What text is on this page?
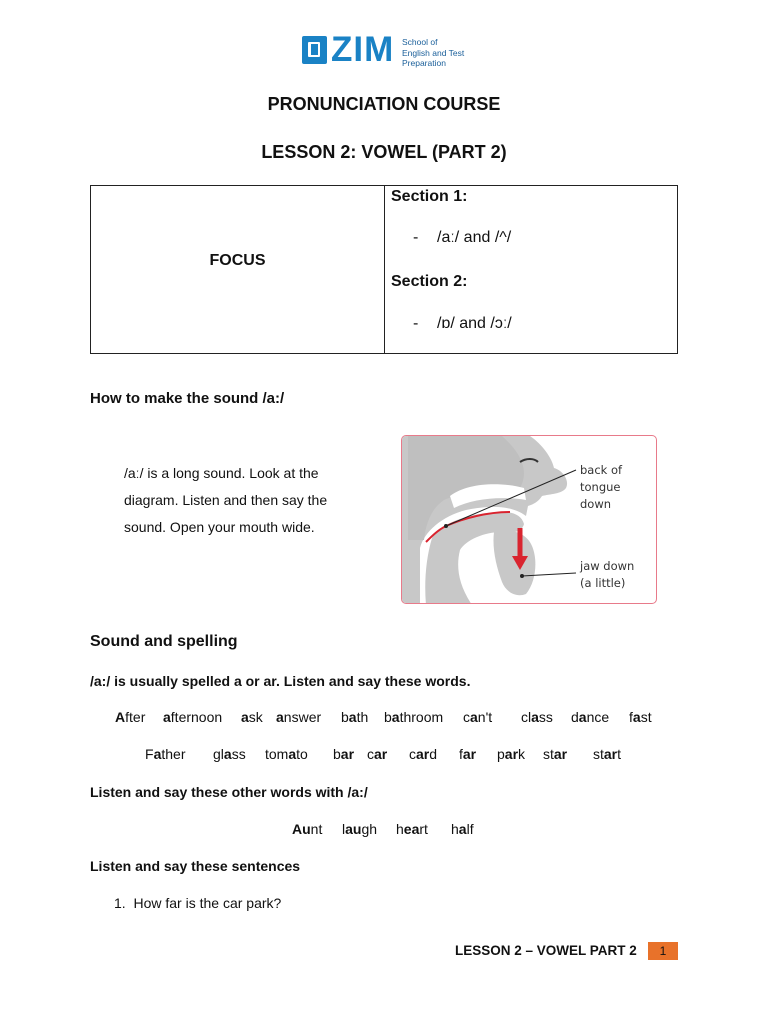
ZIM School of
English and Test
Preparation
PRONUNCIATION COURSE
LESSON 2: VOWEL (PART 2)
FOCUS
Section 1:
- /aː/ and /^/
Section 2:
- /ɒ/ and /ɔː/
How to make the sound /a:/
/aː/ is a long sound. Look at the diagram. Listen and then say the sound. Open your mouth wide.
back of
tongue
down
jaw down
(a little)
Sound and spelling
/a:/ is usually spelled a or ar. Listen and say these words.
After afternoon ask answer bath bathroom can't class dance fast
Father glass tomato bar car card far park star start
Listen and say these other words with /a:/
Aunt laugh heart half
Listen and say these sentences
1. How far is the car park?
LESSON 2 – VOWEL PART 2	1
